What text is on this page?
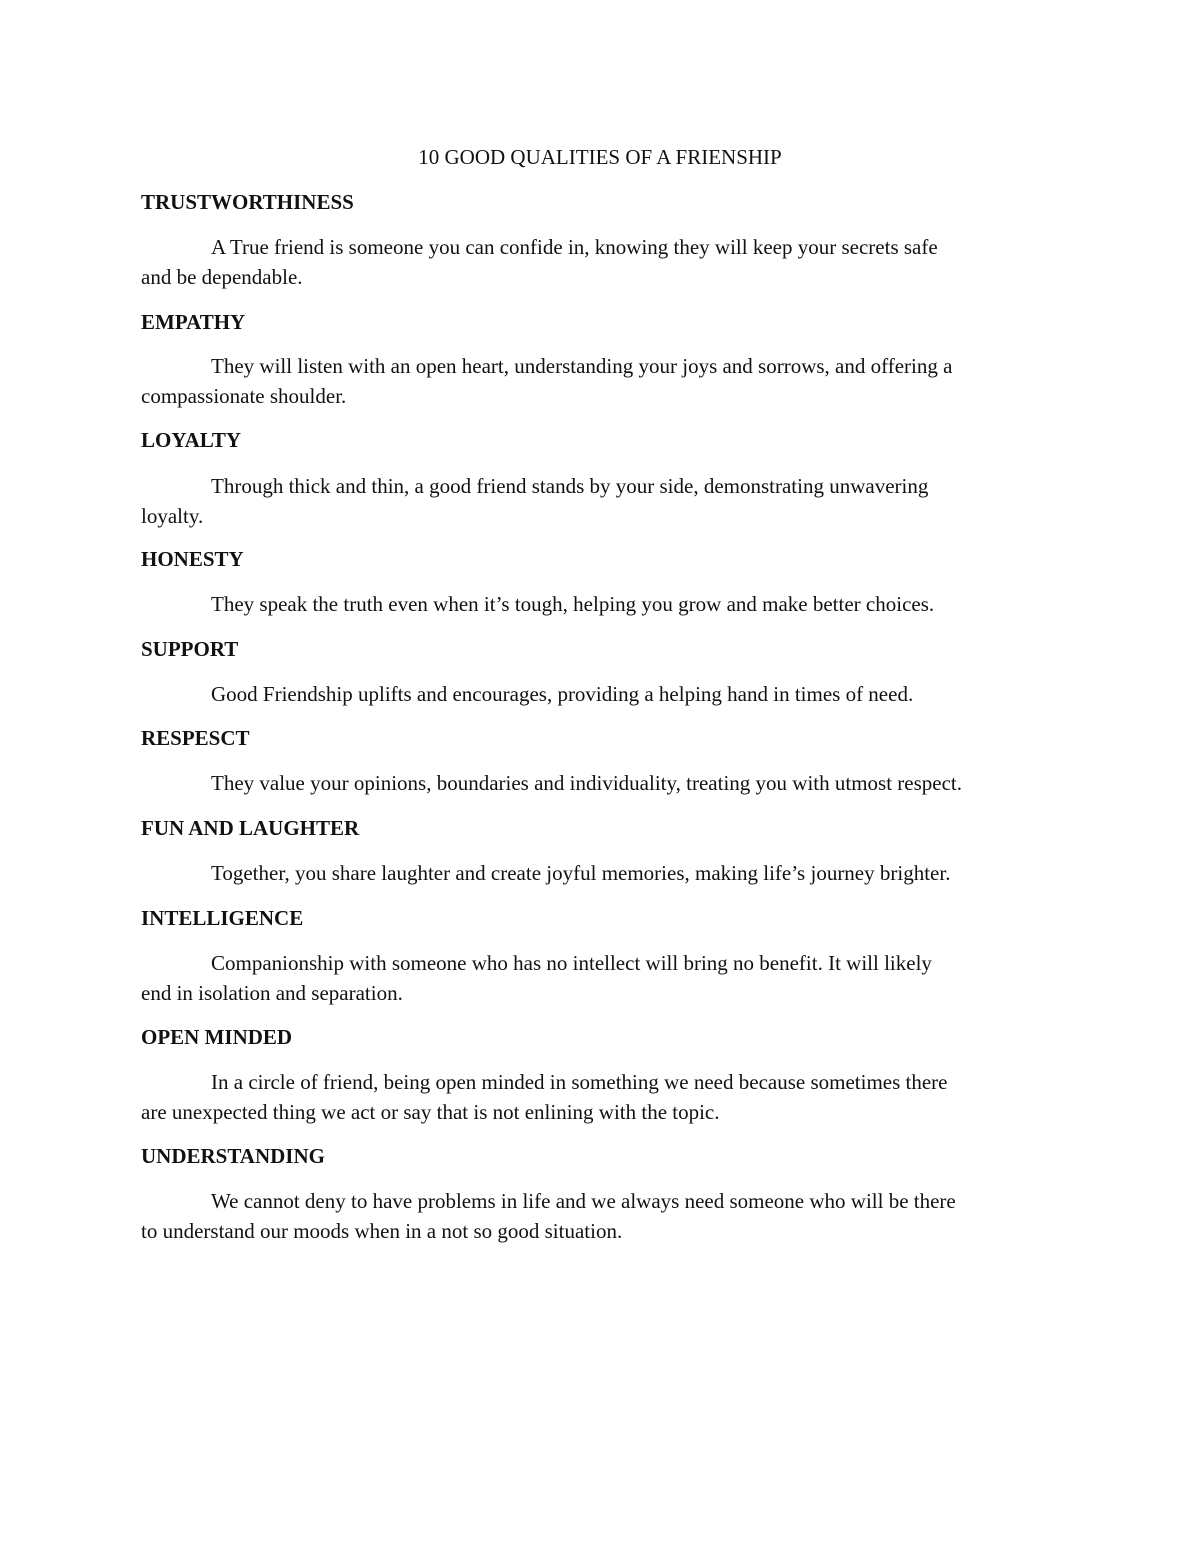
10 GOOD QUALITIES OF A FRIENSHIP
TRUSTWORTHINESS

A True friend is someone you can confide in, knowing they will keep your secrets safe
and be dependable.

EMPATHY

They will listen with an open heart, understanding your joys and sorrows, and offering a
compassionate shoulder.

LOYALTY

Through thick and thin, a good friend stands by your side, demonstrating unwavering
loyalty.

HONESTY

They speak the truth even when it’s tough, helping you grow and make better choices.

SUPPORT

Good Friendship uplifts and encourages, providing a helping hand in times of need.

RESPESCT

They value your opinions, boundaries and individuality, treating you with utmost respect.

FUN AND LAUGHTER

Together, you share laughter and create joyful memories, making life’s journey brighter.

INTELLIGENCE

Companionship with someone who has no intellect will bring no benefit. It will likely
end in isolation and separation.

OPEN MINDED

In a circle of friend, being open minded in something we need because sometimes there
are unexpected thing we act or say that is not enlining with the topic.

UNDERSTANDING

We cannot deny to have problems in life and we always need someone who will be there
to understand our moods when in a not so good situation.
